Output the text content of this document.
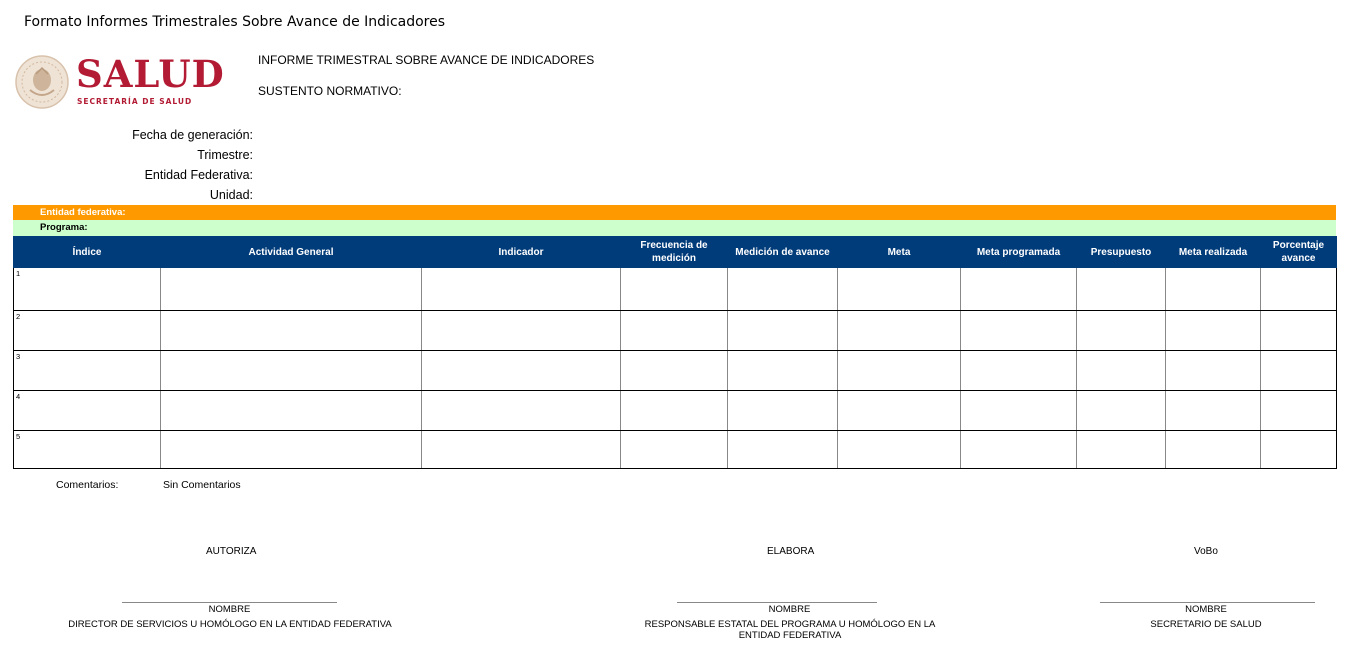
Formato Informes Trimestrales Sobre Avance de Indicadores
SALUD
SECRETARÍA DE SALUD
INFORME TRIMESTRAL SOBRE AVANCE DE INDICADORES
SUSTENTO NORMATIVO:
Fecha de generación:
Trimestre:
Entidad Federativa:
Unidad:
Entidad federativa:
Programa:
Índice	Actividad General	Indicador	Frecuencia de medición	Medición de avance	Meta	Meta programada	Presupuesto	Meta realizada	Porcentaje avance
1									
2									
3									
4									
5									
Comentarios:	Sin Comentarios
AUTORIZA
NOMBRE
DIRECTOR DE SERVICIOS U HOMÓLOGO EN LA ENTIDAD FEDERATIVA
ELABORA
NOMBRE
RESPONSABLE ESTATAL DEL PROGRAMA U HOMÓLOGO EN LA ENTIDAD FEDERATIVA
VoBo
NOMBRE
SECRETARIO DE SALUD
